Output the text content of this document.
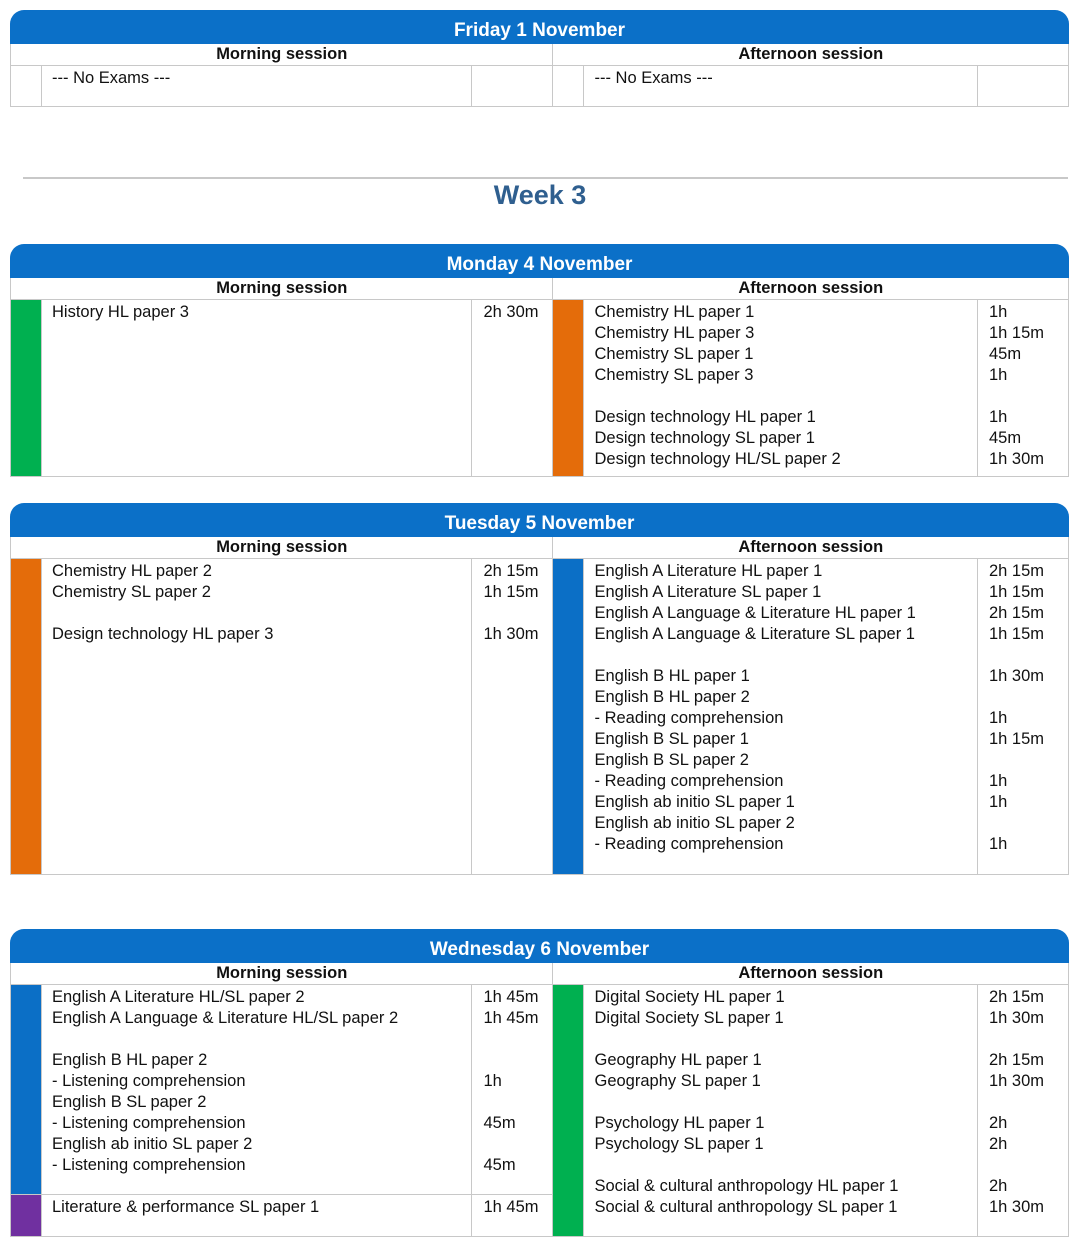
Friday 1 November
Morning session
--- No Exams ---
Afternoon session
--- No Exams ---
Week 3
Monday 4 November
Morning session
History HL paper 3	2h 30m
Afternoon session
Chemistry HL paper 1
Chemistry HL paper 3
Chemistry SL paper 1
Chemistry SL paper 3
Design technology HL paper 1
Design technology SL paper 1
Design technology HL/SL paper 2
1h
1h 15m
45m
1h
1h
45m
1h 30m
Tuesday 5 November
Morning session
Chemistry HL paper 2
Chemistry SL paper 2
Design technology HL paper 3
2h 15m
1h 15m
1h 30m
Afternoon session
English A Literature HL paper 1
English A Literature SL paper 1
English A Language & Literature HL paper 1
English A Language & Literature SL paper 1
English B HL paper 1
English B HL paper 2
- Reading comprehension
English B SL paper 1
English B SL paper 2
- Reading comprehension
English ab initio SL paper 1
English ab initio SL paper 2
- Reading comprehension
2h 15m
1h 15m
2h 15m
1h 15m
1h 30m
1h
1h 15m
1h
1h
1h
Wednesday 6 November
Morning session
English A Literature HL/SL paper 2
English A Language & Literature HL/SL paper 2
English B HL paper 2
- Listening comprehension
English B SL paper 2
- Listening comprehension
English ab initio SL paper 2
- Listening comprehension
1h 45m
1h 45m
1h
45m
45m
Literature & performance SL paper 1	1h 45m
Afternoon session
Digital Society HL paper 1
Digital Society SL paper 1
Geography HL paper 1
Geography SL paper 1
Psychology HL paper 1
Psychology SL paper 1
Social & cultural anthropology HL paper 1
Social & cultural anthropology SL paper 1
2h 15m
1h 30m
2h 15m
1h 30m
2h
2h
2h
1h 30m
